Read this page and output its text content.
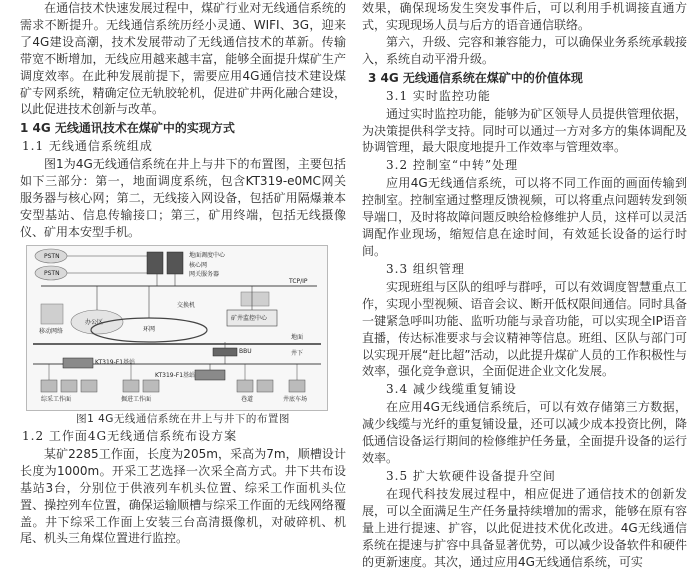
在通信技术快速发展过程中，煤矿行业对无线通信系统的需求不断提升。无线通信系统历经小灵通、WIFI、3G，迎来了4G建设高潮，技术发展带动了无线通信技术的革新。传输带宽不断增加，无线应用越来越丰富，能够全面提升煤矿生产调度效率。在此种发展前提下，需要应用4G通信技术建设煤矿专网系统，精确定位无轨胶轮机，促进矿井两化融合建设，以此促进技术创新与改革。

1 4G 无线通讯技术在煤矿中的实现方式
1.1 无线通信系统组成

图1为4G无线通信系统在井上与井下的布置图，主要包括如下三部分：第一，地面调度系统，包含KT319-e0MC网关服务器与核心网；第二，无线接入网设备，包括矿用隔爆兼本安型基站、信息传输接口；第三，矿用终端，包括无线摄像仪、矿用本安型手机。

PSTN
PSTN
地面调度中心
核心网
网关服务器
TCP/IP
办公区
移动网络	环网
交换机
矿井监控中心
地面
BBU	井下
KT319-F1基站
KT319-F1基站
综采工作面	掘进工作面	巷道	井底车场
图1 4G无线通信系统在井上与井下的布置图
1.2 工作面4G无线通信系统布设方案

某矿2285工作面，长度为205m，采高为7m，顺槽设计长度为1000m。开采工艺选择一次采全高方式。井下共布设基站3台，分别位于供液列车机头位置、综采工作面机头位置、操控列车位置，确保运输顺槽与综采工作面的无线网络覆盖。井下综采工作面上安装三台高清摄像机，对破碎机、机尾、机头三角煤位置进行监控。

效果，确保现场发生突发事件后，可以利用手机调接直通方式，实现现场人员与后方的语音通信联络。

第六，升级、完容和兼容能力，可以确保业务系统承载接入，系统自动平滑升级。

3 4G 无线通信系统在煤矿中的价值体现
3.1 实时监控功能

通过实时监控功能，能够为矿区领导人员提供管理依据，为决策提供科学支持。同时可以通过一方对多方的集体调配及协调管理，最大限度地提升工作效率与管理效率。

3.2 控制室“中转”处理

应用4G无线通信系统，可以将不同工作面的画面传输到控制室。控制室通过整理反馈视频，可以将重点问题转发到领导端口，及时将故障问题反映给检修维护人员，这样可以灵活调配作业现场，缩短信息在途时间，有效延长设备的运行时间。

3.3 组织管理

实现班组与区队的组呼与群呼，可以有效调度智慧重点工作，实现小型视频、语音会议、断开低权限间通信。同时具备一键紧急呼叫功能、监听功能与录音功能，可以实现全IP语音直播，传达标准要求与会议精神等信息。班组、区队与部门可以实现开展“赶比超”活动，以此提升煤矿人员的工作积极性与效率，强化竞争意识，全面促进企业文化发展。

3.4 减少线缆重复铺设

在应用4G无线通信系统后，可以有效存储第三方数据，减少线缆与光纤的重复铺设量，还可以减少成本投资比例，降低通信设备运行期间的检修维护任务量，全面提升设备的运行效率。

3.5 扩大软硬件设备提升空间

在现代科技发展过程中，相应促进了通信技术的创新发展，可以全面满足生产任务量持续增加的需求，能够在原有容量上进行提速、扩容，以此促进技术优化改进。4G无线通信系统在提速与扩容中具备显著优势，可以减少设备软件和硬件的更新速度。其次，通过应用4G无线通信系统，可实
